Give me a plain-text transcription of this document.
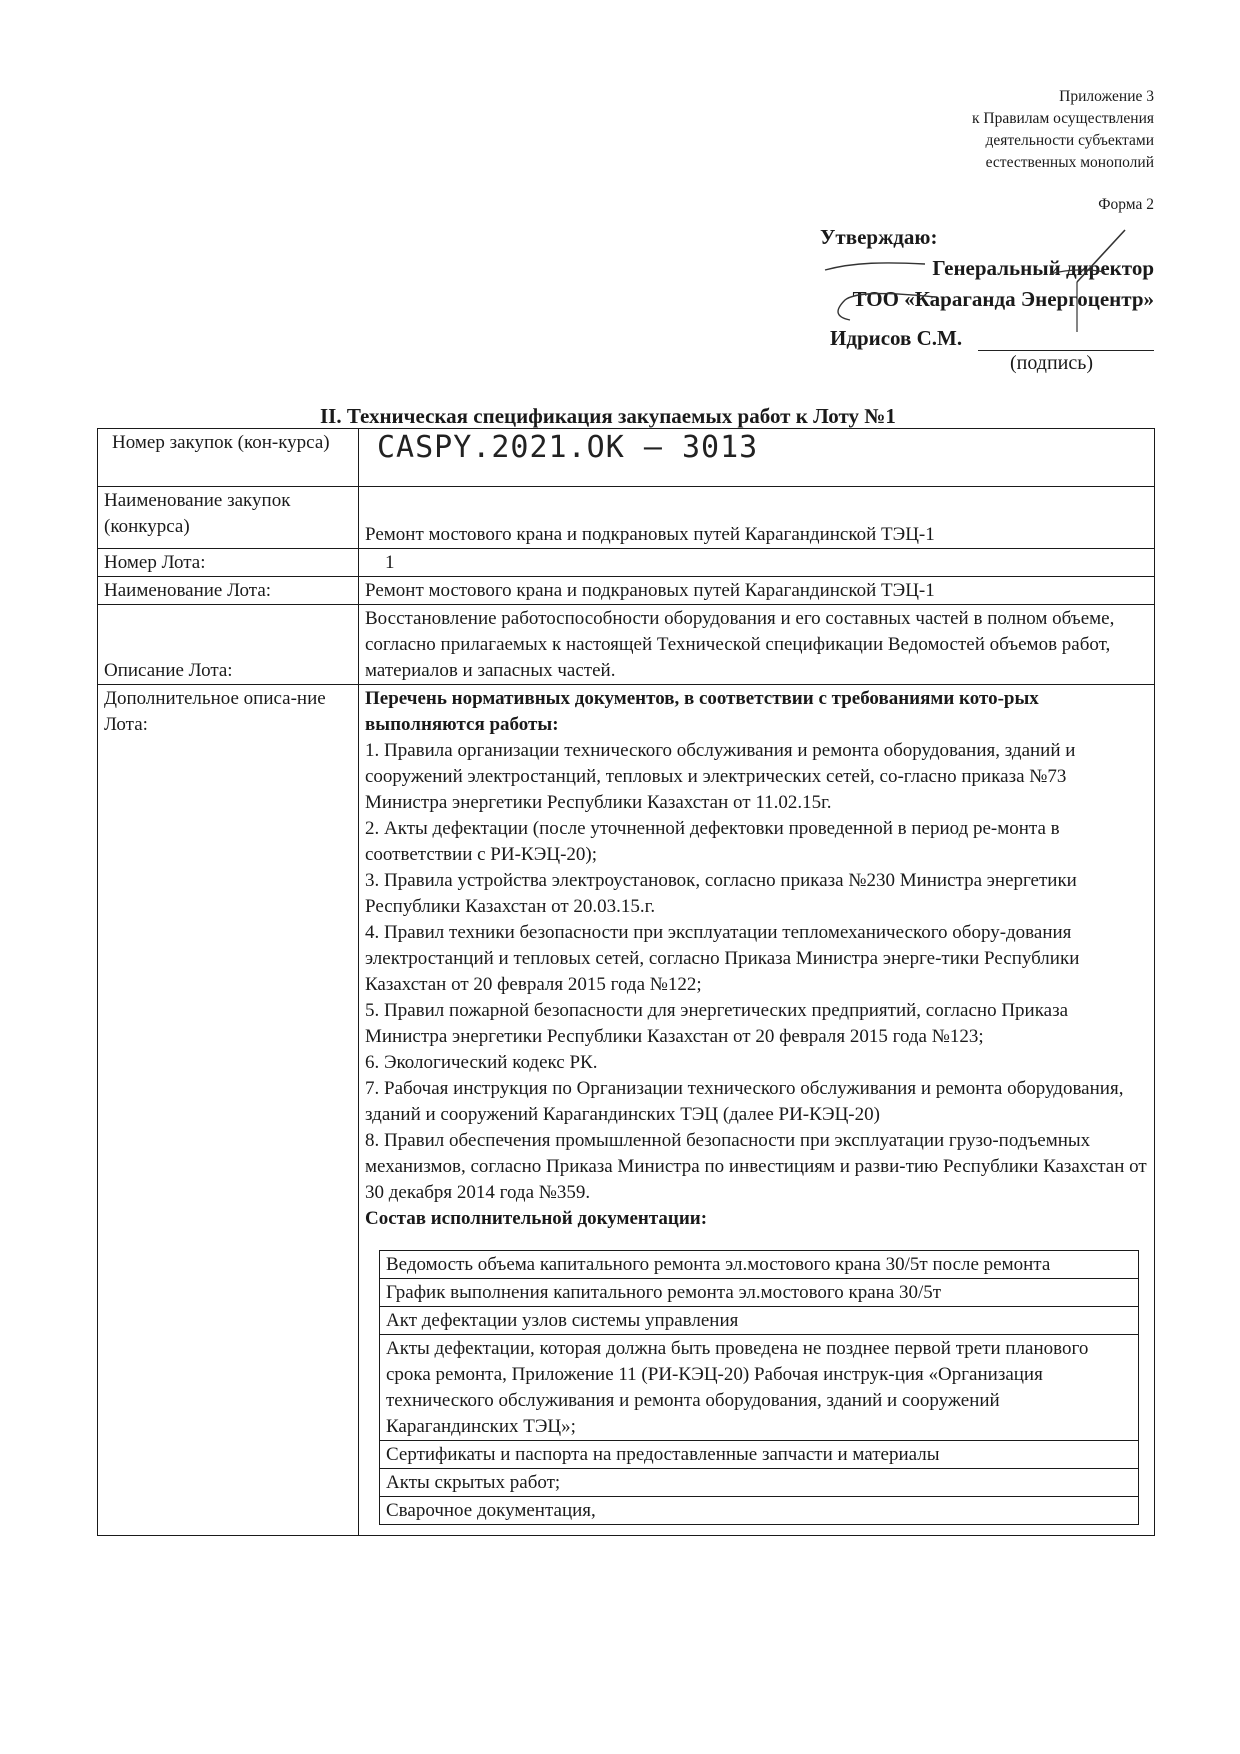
Приложение 3
к Правилам осуществления
деятельности субъектами
естественных монополий
Форма 2
Утверждаю:
Генеральный директор
ТОО «Караганда Энергоцентр»
Идрисов С.М.
(подпись)
II. Техническая спецификация закупаемых работ к Лоту №1
Номер закупок (кон-курса)	CASPY.2021.OK – 3013
Наименование закупок (конкурса)	Ремонт мостового крана и подкрановых путей Карагандинской ТЭЦ-1
Номер Лота:	1
Наименование Лота:	Ремонт мостового крана и подкрановых путей Карагандинской ТЭЦ-1
Описание Лота:	Восстановление работоспособности оборудования и его составных частей в полном объеме, согласно прилагаемых к настоящей Технической спецификации Ведомостей объемов работ, материалов и запасных частей.
Дополнительное описа-ние Лота:	
Перечень нормативных документов, в соответствии с требованиями кото-рых выполняются работы:
1. Правила организации технического обслуживания и ремонта оборудования, зданий и сооружений электростанций, тепловых и электрических сетей, со-гласно приказа №73
Министра энергетики Республики Казахстан от 11.02.15г.
2. Акты дефектации (после уточненной дефектовки проведенной в период ре-монта в соответствии с РИ-КЭЦ-20);
3. Правила устройства электроустановок, согласно приказа №230 Министра энергетики Республики Казахстан от 20.03.15.г.
4. Правил техники безопасности при эксплуатации тепломеханического обору-дования электростанций и тепловых сетей, согласно Приказа Министра энерге-тики Республики Казахстан от 20 февраля 2015 года №122;
5. Правил пожарной безопасности для энергетических предприятий, согласно Приказа Министра энергетики Республики Казахстан от 20 февраля 2015 года №123;
6. Экологический кодекс РК.
7. Рабочая инструкция по Организации технического обслуживания и ремонта оборудования, зданий и сооружений Карагандинских ТЭЦ (далее РИ-КЭЦ-20)
8. Правил обеспечения промышленной безопасности при эксплуатации грузо-подъемных механизмов, согласно Приказа Министра по инвестициям и разви-тию Республики Казахстан от 30 декабря 2014 года №359.
Состав исполнительной документации:
Ведомость объема капитального ремонта эл.мостового крана 30/5т после ремонта
График выполнения капитального ремонта эл.мостового крана 30/5т
Акт дефектации узлов системы управления
Акты дефектации, которая должна быть проведена не позднее первой трети планового срока ремонта, Приложение 11 (РИ-КЭЦ-20) Рабочая инструк-ция «Организация технического обслуживания и ремонта оборудования, зданий и сооружений Карагандинских ТЭЦ»;
Сертификаты и паспорта на предоставленные запчасти и материалы
Акты скрытых работ;
Сварочное документация,
